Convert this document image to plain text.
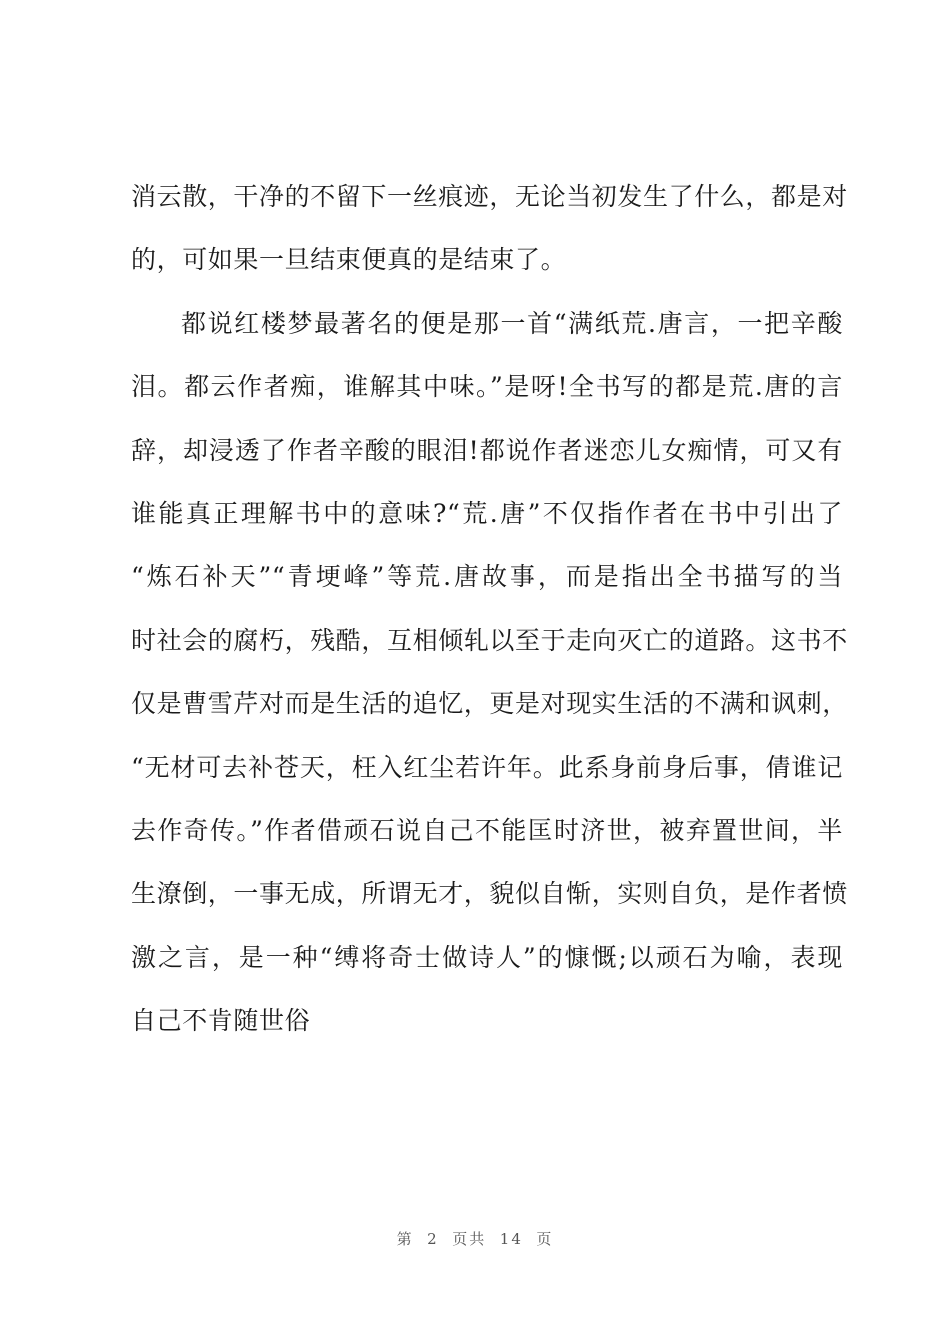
消云散，干净的不留下一丝痕迹，无论当初发生了什么，都是对
的，可如果一旦结束便真的是结束了。
都说红楼梦最著名的便是那一首“满纸荒.唐言，一把辛酸
泪。都云作者痴，谁解其中味。”是呀!全书写的都是荒.唐的言
辞，却浸透了作者辛酸的眼泪!都说作者迷恋儿女痴情，可又有
谁能真正理解书中的意味?“荒.唐”不仅指作者在书中引出了
“炼石补天”“青埂峰”等荒.唐故事，而是指出全书描写的当
时社会的腐朽，残酷，互相倾轧以至于走向灭亡的道路。这书不
仅是曹雪芹对而是生活的追忆，更是对现实生活的不满和讽刺，
“无材可去补苍天，枉入红尘若许年。此系身前身后事，倩谁记
去作奇传。”作者借顽石说自己不能匡时济世，被弃置世间，半
生潦倒，一事无成，所谓无才，貌似自惭，实则自负，是作者愤
激之言，是一种“缚将奇士做诗人”的慷慨;以顽石为喻，表现
自己不肯随世俗
第 2 页共 14 页
